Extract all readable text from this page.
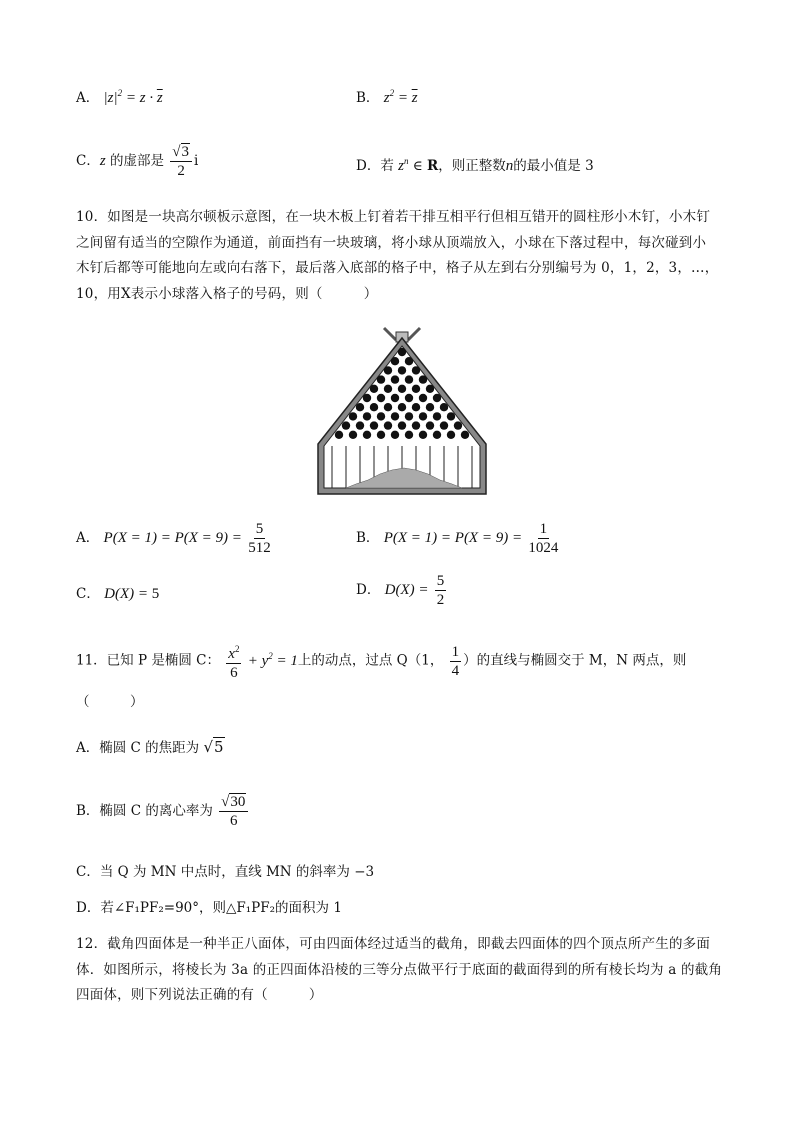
A． $|z|^2 = z \cdot \overline{z}$	B． $z^2 = \overline{z}$
C．z 的虚部是 $\frac{√3}{2}$ i	D．若 $z^n$ ∈ R，则正整数n的最小值是 3
10．如图是一块高尔顿板示意图，在一块木板上钉着若干排互相平行但相互错开的圆柱形小木钉，小木钉
之间留有适当的空隙作为通道，前面挡有一块玻璃，将小球从顶端放入，小球在下落过程中，每次碰到小
木钉后都等可能地向左或向右落下，最后落入底部的格子中，格子从左到右分别编号为 0，1，2，3，…，
10，用X表示小球落入格子的号码，则（　　　）
A． $P(X = 1) = P(X = 9) = \frac{5}{512}$	B． $P(X = 1) = P(X = 9) = \frac{1}{1024}$
C． D(X) = 5	D． $D(X) = \frac{5}{2}$
11．已知 P 是椭圆 C： $\frac{x^2}{6} + y^2 = 1$上的动点，过点 Q（1， $\frac{1}{4}$ ）的直线与椭圆交于 M，N 两点，则
（　　　）
A．椭圆 C 的焦距为 √5
B．椭圆 C 的离心率为 $\frac{√30}{6}$
C．当 Q 为 MN 中点时，直线 MN 的斜率为 −3
D．若∠F₁PF₂=90°，则△F₁PF₂的面积为 1
12．截角四面体是一种半正八面体，可由四面体经过适当的截角，即截去四面体的四个顶点所产生的多面
体．如图所示，将棱长为 3a 的正四面体沿棱的三等分点做平行于底面的截面得到的所有棱长均为 a 的截角
四面体，则下列说法正确的有（　　　）
